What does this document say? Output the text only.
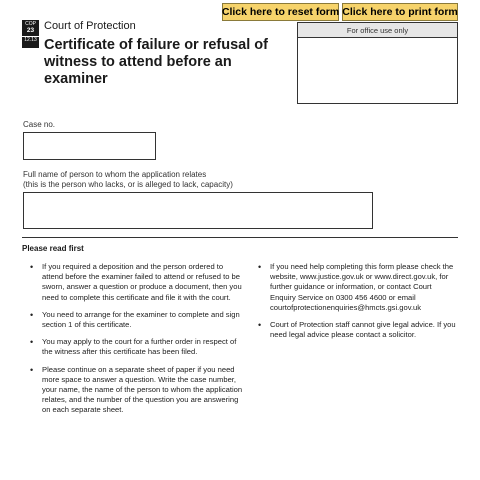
Click here to reset form Click here to print form
COP
23
12.13
Court of Protection
Certificate of failure or refusal of witness to attend before an examiner
For office use only
Case no.
Full name of person to whom the application relates
(this is the person who lacks, or is alleged to lack, capacity)
Please read first
• If you required a deposition and the person ordered to attend before the examiner failed to attend or refused to be sworn, answer a question or produce a document, then you need to complete this certificate and file it with the court.
• You need to arrange for the examiner to complete and sign section 1 of this certificate.
• You may apply to the court for a further order in respect of the witness after this certificate has been filed.
• Please continue on a separate sheet of paper if you need more space to answer a question. Write the case number, your name, the name of the person to whom the application relates, and the number of the question you are answering on each separate sheet.
• If you need help completing this form please check the website, www.justice.gov.uk or www.direct.gov.uk, for further guidance or information, or contact Court Enquiry Service on 0300 456 4600 or email courtofprotectionenquiries@hmcts.gsi.gov.uk
• Court of Protection staff cannot give legal advice. If you need legal advice please contact a solicitor.
